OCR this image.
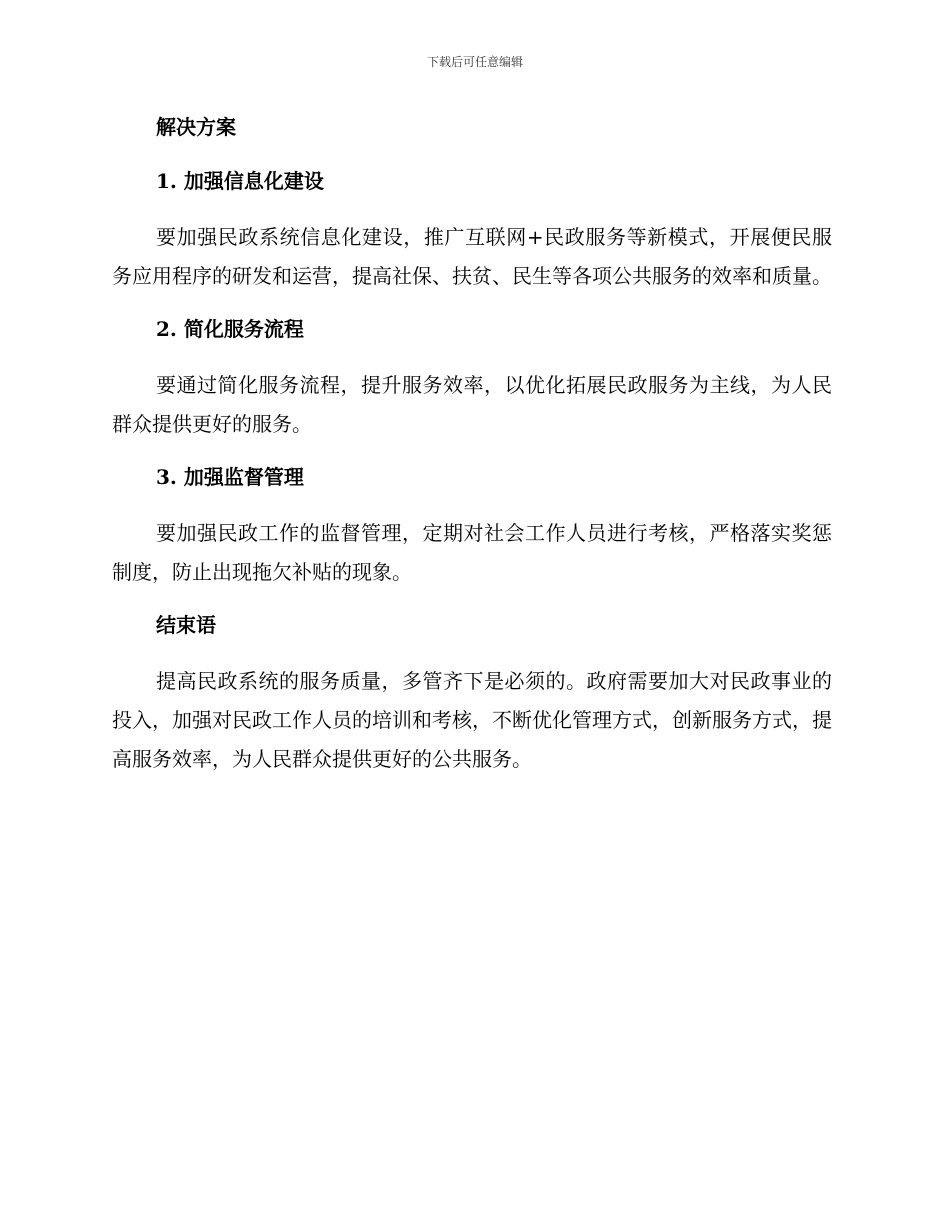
下载后可任意编辑
解决方案
1. 加强信息化建设

要加强民政系统信息化建设，推广互联网+民政服务等新模式，开展便民服务应用程序的研发和运营，提高社保、扶贫、民生等各项公共服务的效率和质量。

2. 简化服务流程

要通过简化服务流程，提升服务效率，以优化拓展民政服务为主线，为人民群众提供更好的服务。

3. 加强监督管理

要加强民政工作的监督管理，定期对社会工作人员进行考核，严格落实奖惩制度，防止出现拖欠补贴的现象。

结束语

提高民政系统的服务质量，多管齐下是必须的。政府需要加大对民政事业的投入，加强对民政工作人员的培训和考核，不断优化管理方式，创新服务方式，提高服务效率，为人民群众提供更好的公共服务。
